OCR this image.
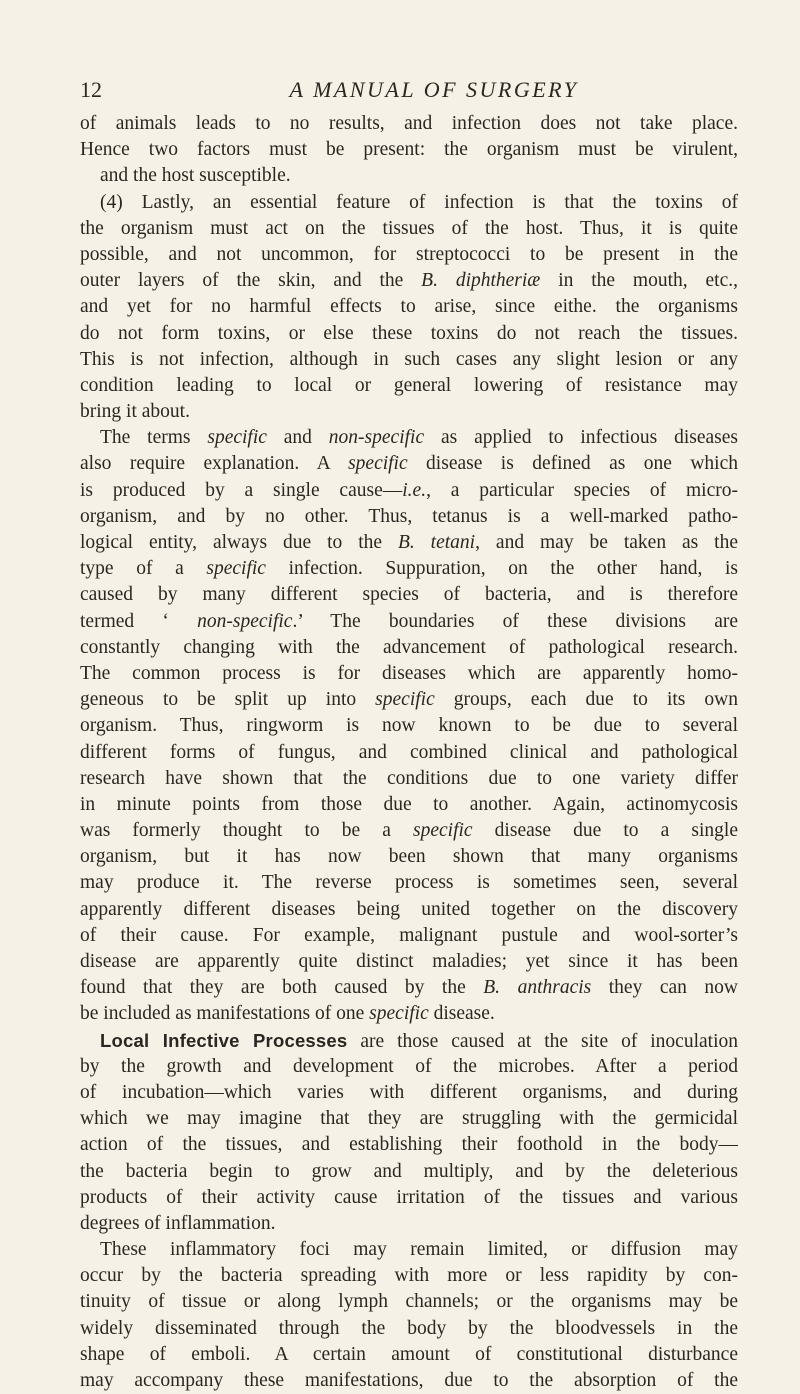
12	A MANUAL OF SURGERY
of animals leads to no results, and infection does not take place.
Hence two factors must be present: the organism must be virulent,
and the host susceptible.
(4) Lastly, an essential feature of infection is that the toxins of
the organism must act on the tissues of the host. Thus, it is quite
possible, and not uncommon, for streptococci to be present in the
outer layers of the skin, and the B. diphtheriæ in the mouth, etc.,
and yet for no harmful effects to arise, since eithe. the organisms
do not form toxins, or else these toxins do not reach the tissues.
This is not infection, although in such cases any slight lesion or any
condition leading to local or general lowering of resistance may
bring it about.
The terms specific and non-specific as applied to infectious diseases
also require explanation. A specific disease is defined as one which
is produced by a single cause—i.e., a particular species of micro-
organism, and by no other. Thus, tetanus is a well-marked patho-
logical entity, always due to the B. tetani, and may be taken as the
type of a specific infection. Suppuration, on the other hand, is
caused by many different species of bacteria, and is therefore
termed ‘ non-specific.’ The boundaries of these divisions are
constantly changing with the advancement of pathological research.
The common process is for diseases which are apparently homo-
geneous to be split up into specific groups, each due to its own
organism. Thus, ringworm is now known to be due to several
different forms of fungus, and combined clinical and pathological
research have shown that the conditions due to one variety differ
in minute points from those due to another. Again, actinomycosis
was formerly thought to be a specific disease due to a single
organism, but it has now been shown that many organisms
may produce it. The reverse process is sometimes seen, several
apparently different diseases being united together on the discovery
of their cause. For example, malignant pustule and wool-sorter’s
disease are apparently quite distinct maladies; yet since it has been
found that they are both caused by the B. anthracis they can now
be included as manifestations of one specific disease.
Local Infective Processes are those caused at the site of inoculation
by the growth and development of the microbes. After a period
of incubation—which varies with different organisms, and during
which we may imagine that they are struggling with the germicidal
action of the tissues, and establishing their foothold in the body—
the bacteria begin to grow and multiply, and by the deleterious
products of their activity cause irritation of the tissues and various
degrees of inflammation.
These inflammatory foci may remain limited, or diffusion may
occur by the bacteria spreading with more or less rapidity by con-
tinuity of tissue or along lymph channels; or the organisms may be
widely disseminated through the body by the bloodvessels in the
shape of emboli. A certain amount of constitutional disturbance
may accompany these manifestations, due to the absorption of the
